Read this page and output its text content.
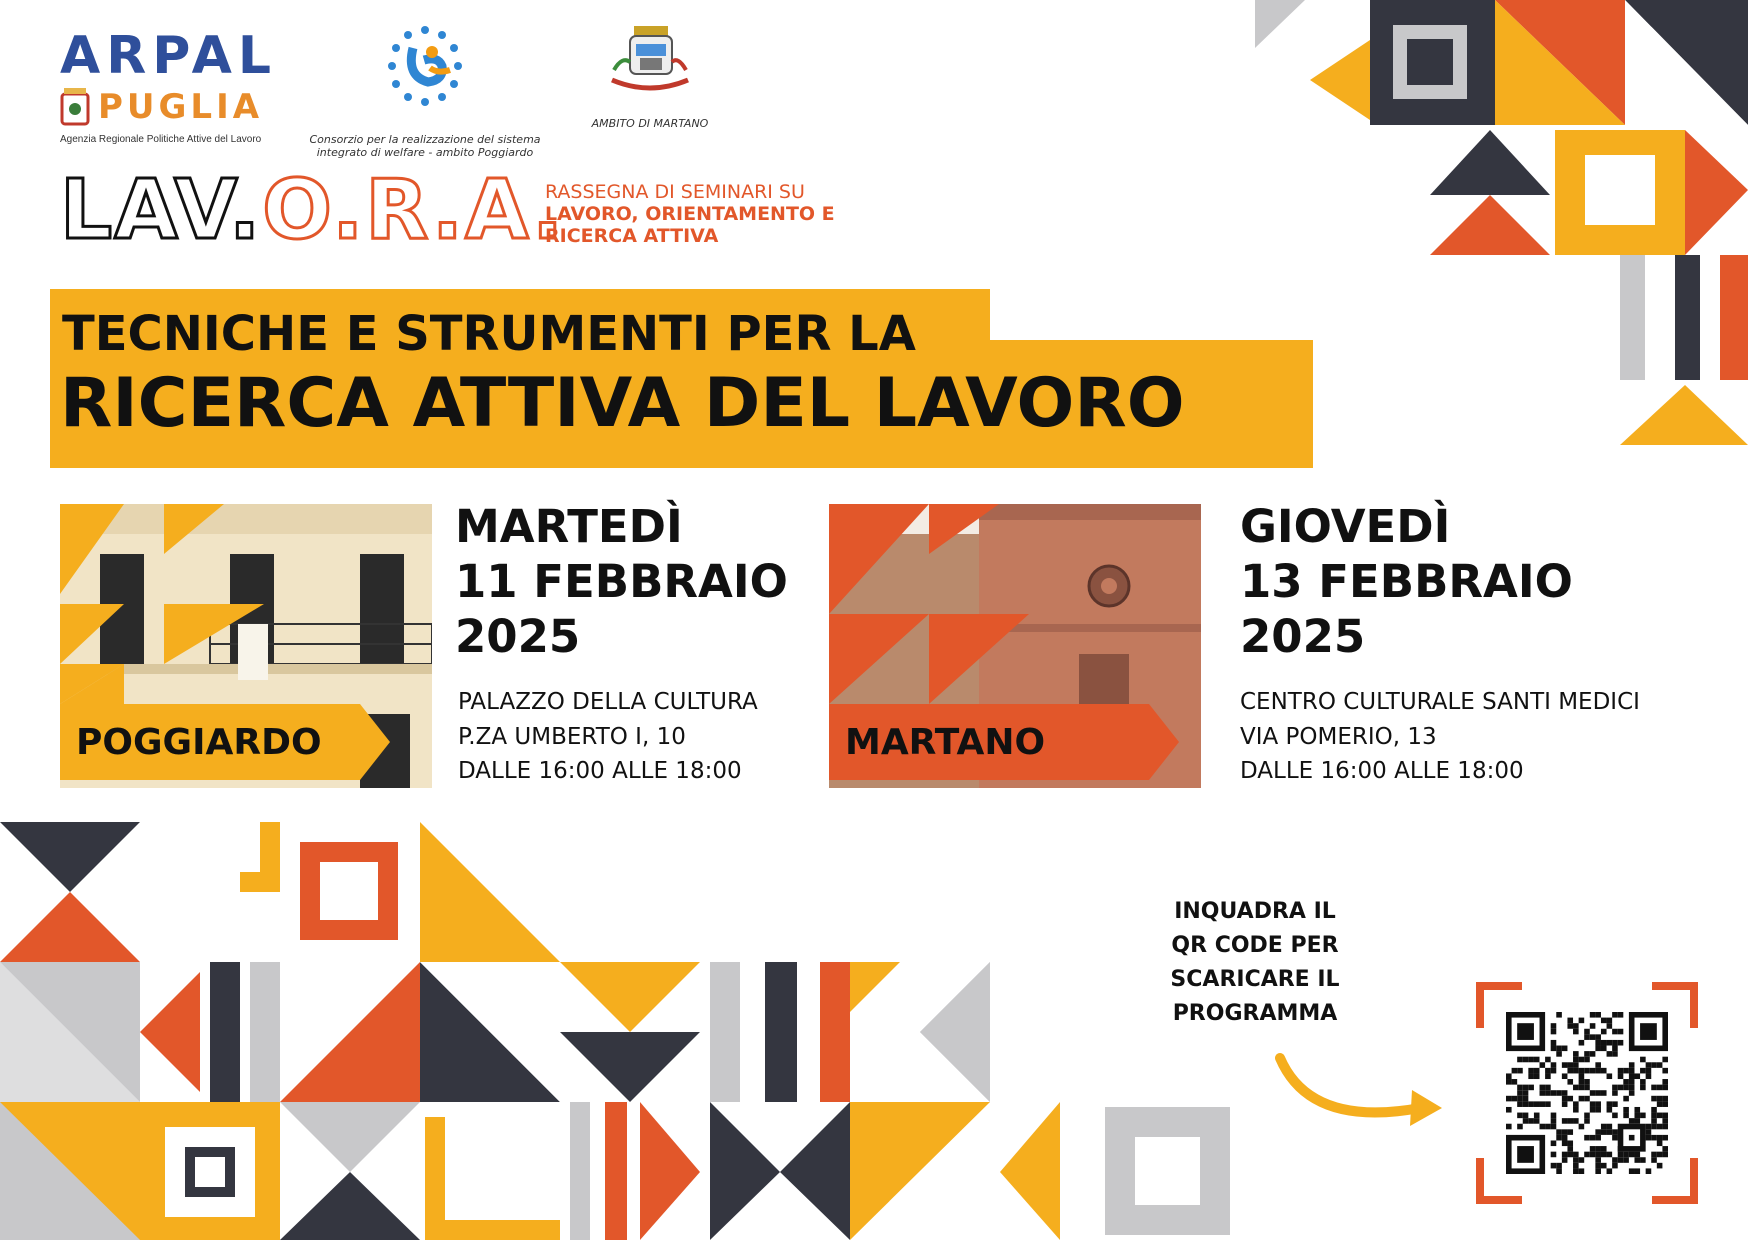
ARPAL
PUGLIA
Agenzia Regionale Politiche Attive del Lavoro	Consorzio per la realizzazione del sistema
integrato di welfare - ambito Poggiardo
AMBITO DI MARTANO
LAV.O.R.A.
RASSEGNA DI SEMINARI SU
LAVORO, ORIENTAMENTO E
RICERCA ATTIVA
TECNICHE E STRUMENTI PER LA
RICERCA ATTIVA DEL LAVORO
POGGIARDO
MARTEDÌ
11 FEBBRAIO
2025
PALAZZO DELLA CULTURA
P.ZA UMBERTO I, 10
DALLE 16:00 ALLE 18:00
MARTANO
GIOVEDÌ
13 FEBBRAIO
2025
CENTRO CULTURALE SANTI MEDICI
VIA POMERIO, 13
DALLE 16:00 ALLE 18:00
INQUADRA IL
QR CODE PER
SCARICARE IL
PROGRAMMA
